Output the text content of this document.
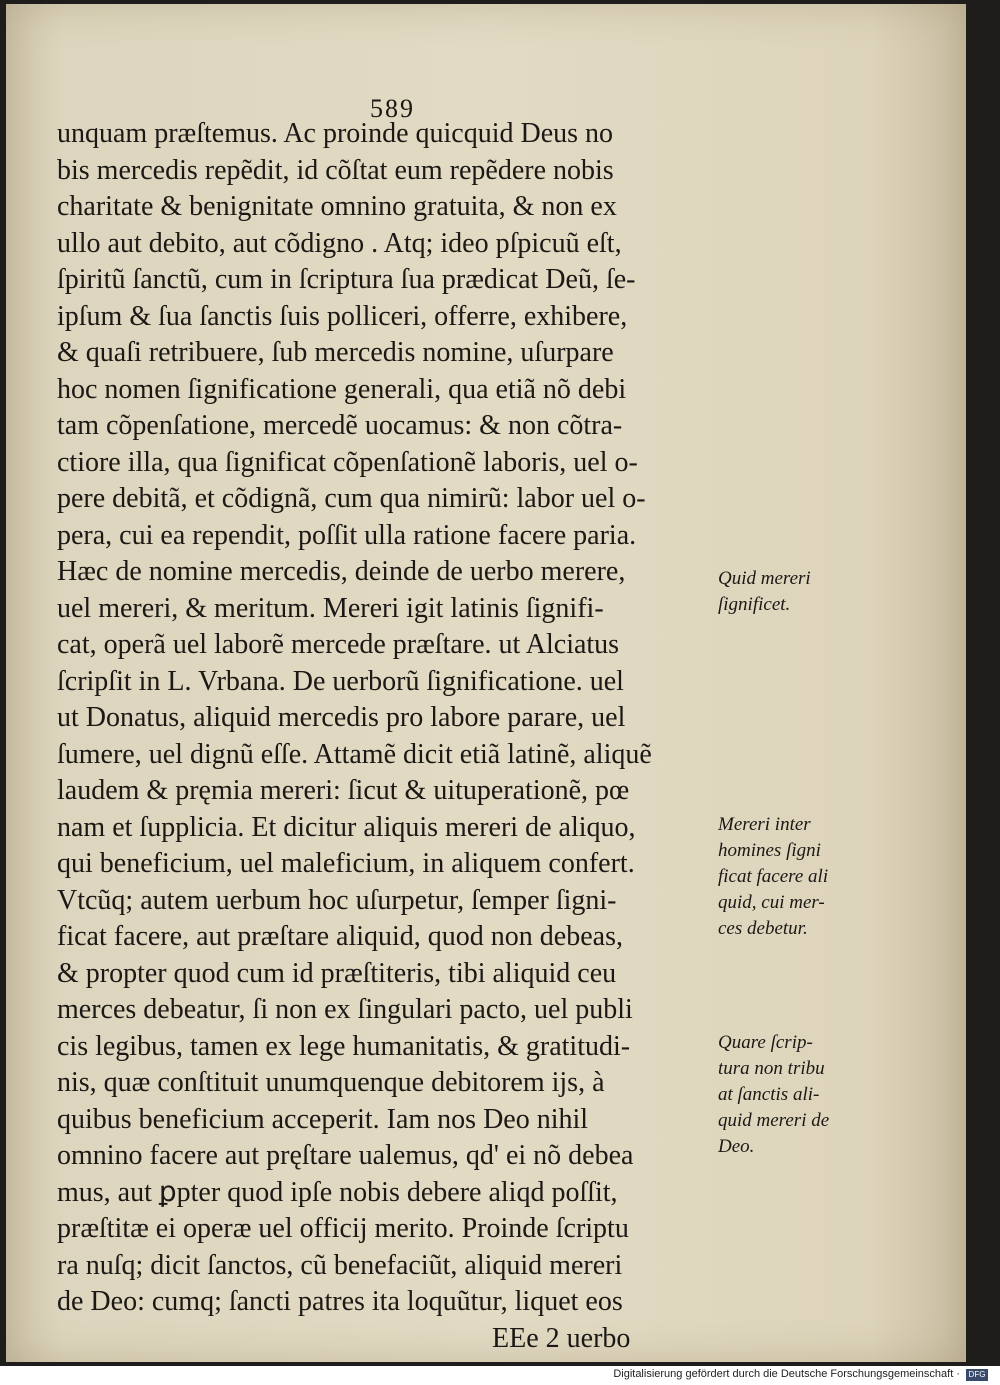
589
unquam præſtemus. Ac proinde quicquid Deus no
bis mercedis repẽdit, id cõſtat eum repẽdere nobis
charitate & benignitate omnino gratuita, & non ex
ullo aut debito, aut cõdigno . Atq; ideo pſpicuũ eſt,
ſpiritũ ſanctũ, cum in ſcriptura ſua prædicat Deũ, ſe-
ipſum & ſua ſanctis ſuis polliceri, offerre, exhibere,
& quaſi retribuere, ſub mercedis nomine, uſurpare
hoc nomen ſignificatione generali, qua etiã nõ debi
tam cõpenſatione, mercedẽ uocamus: & non cõtra-
ctiore illa, qua ſignificat cõpenſationẽ laboris, uel o-
pere debitã, et cõdignã, cum qua nimirũ: labor uel o-
pera, cui ea rependit, poſſit ulla ratione facere paria.
Hæc de nomine mercedis, deinde de uerbo merere,
uel mereri, & meritum. Mereri igit latinis ſignifi-
cat, operã uel laborẽ mercede præſtare. ut Alciatus
ſcripſit in L. Vrbana. De uerborũ ſignificatione. uel
ut Donatus, aliquid mercedis pro labore parare, uel
ſumere, uel dignũ eſſe. Attamẽ dicit etiã latinẽ, aliquẽ
laudem & pręmia mereri: ſicut & uituperationẽ, pœ
nam et ſupplicia. Et dicitur aliquis mereri de aliquo,
qui beneficium, uel maleficium, in aliquem confert.
Vtcũq; autem uerbum hoc uſurpetur, ſemper ſigni-
ficat facere, aut præſtare aliquid, quod non debeas,
& propter quod cum id præſtiteris, tibi aliquid ceu
merces debeatur, ſi non ex ſingulari pacto, uel publi
cis legibus, tamen ex lege humanitatis, & gratitudi-
nis, quæ conſtituit unumquenque debitorem ijs, à
quibus beneficium acceperit. Iam nos Deo nihil
omnino facere aut pręſtare ualemus, qd' ei nõ debea
mus, aut ꝑpter quod ipſe nobis debere aliqd poſſit,
præſtitæ ei operæ uel officij merito. Proinde ſcriptu
ra nuſq; dicit ſanctos, cũ benefaciũt, aliquid mereri
de Deo: cumq; ſancti patres ita loquũtur, liquet eos
EEe 2 uerbo
Quid mereri
ſignificet.
Mereri inter
homines ſigni
ficat facere ali
quid, cui mer-
ces debetur.
Quare ſcrip-
tura non tribu
at ſanctis ali-
quid mereri de
Deo.
Digitalisierung gefördert durch die Deutsche Forschungsgemeinschaft ·	DFG
